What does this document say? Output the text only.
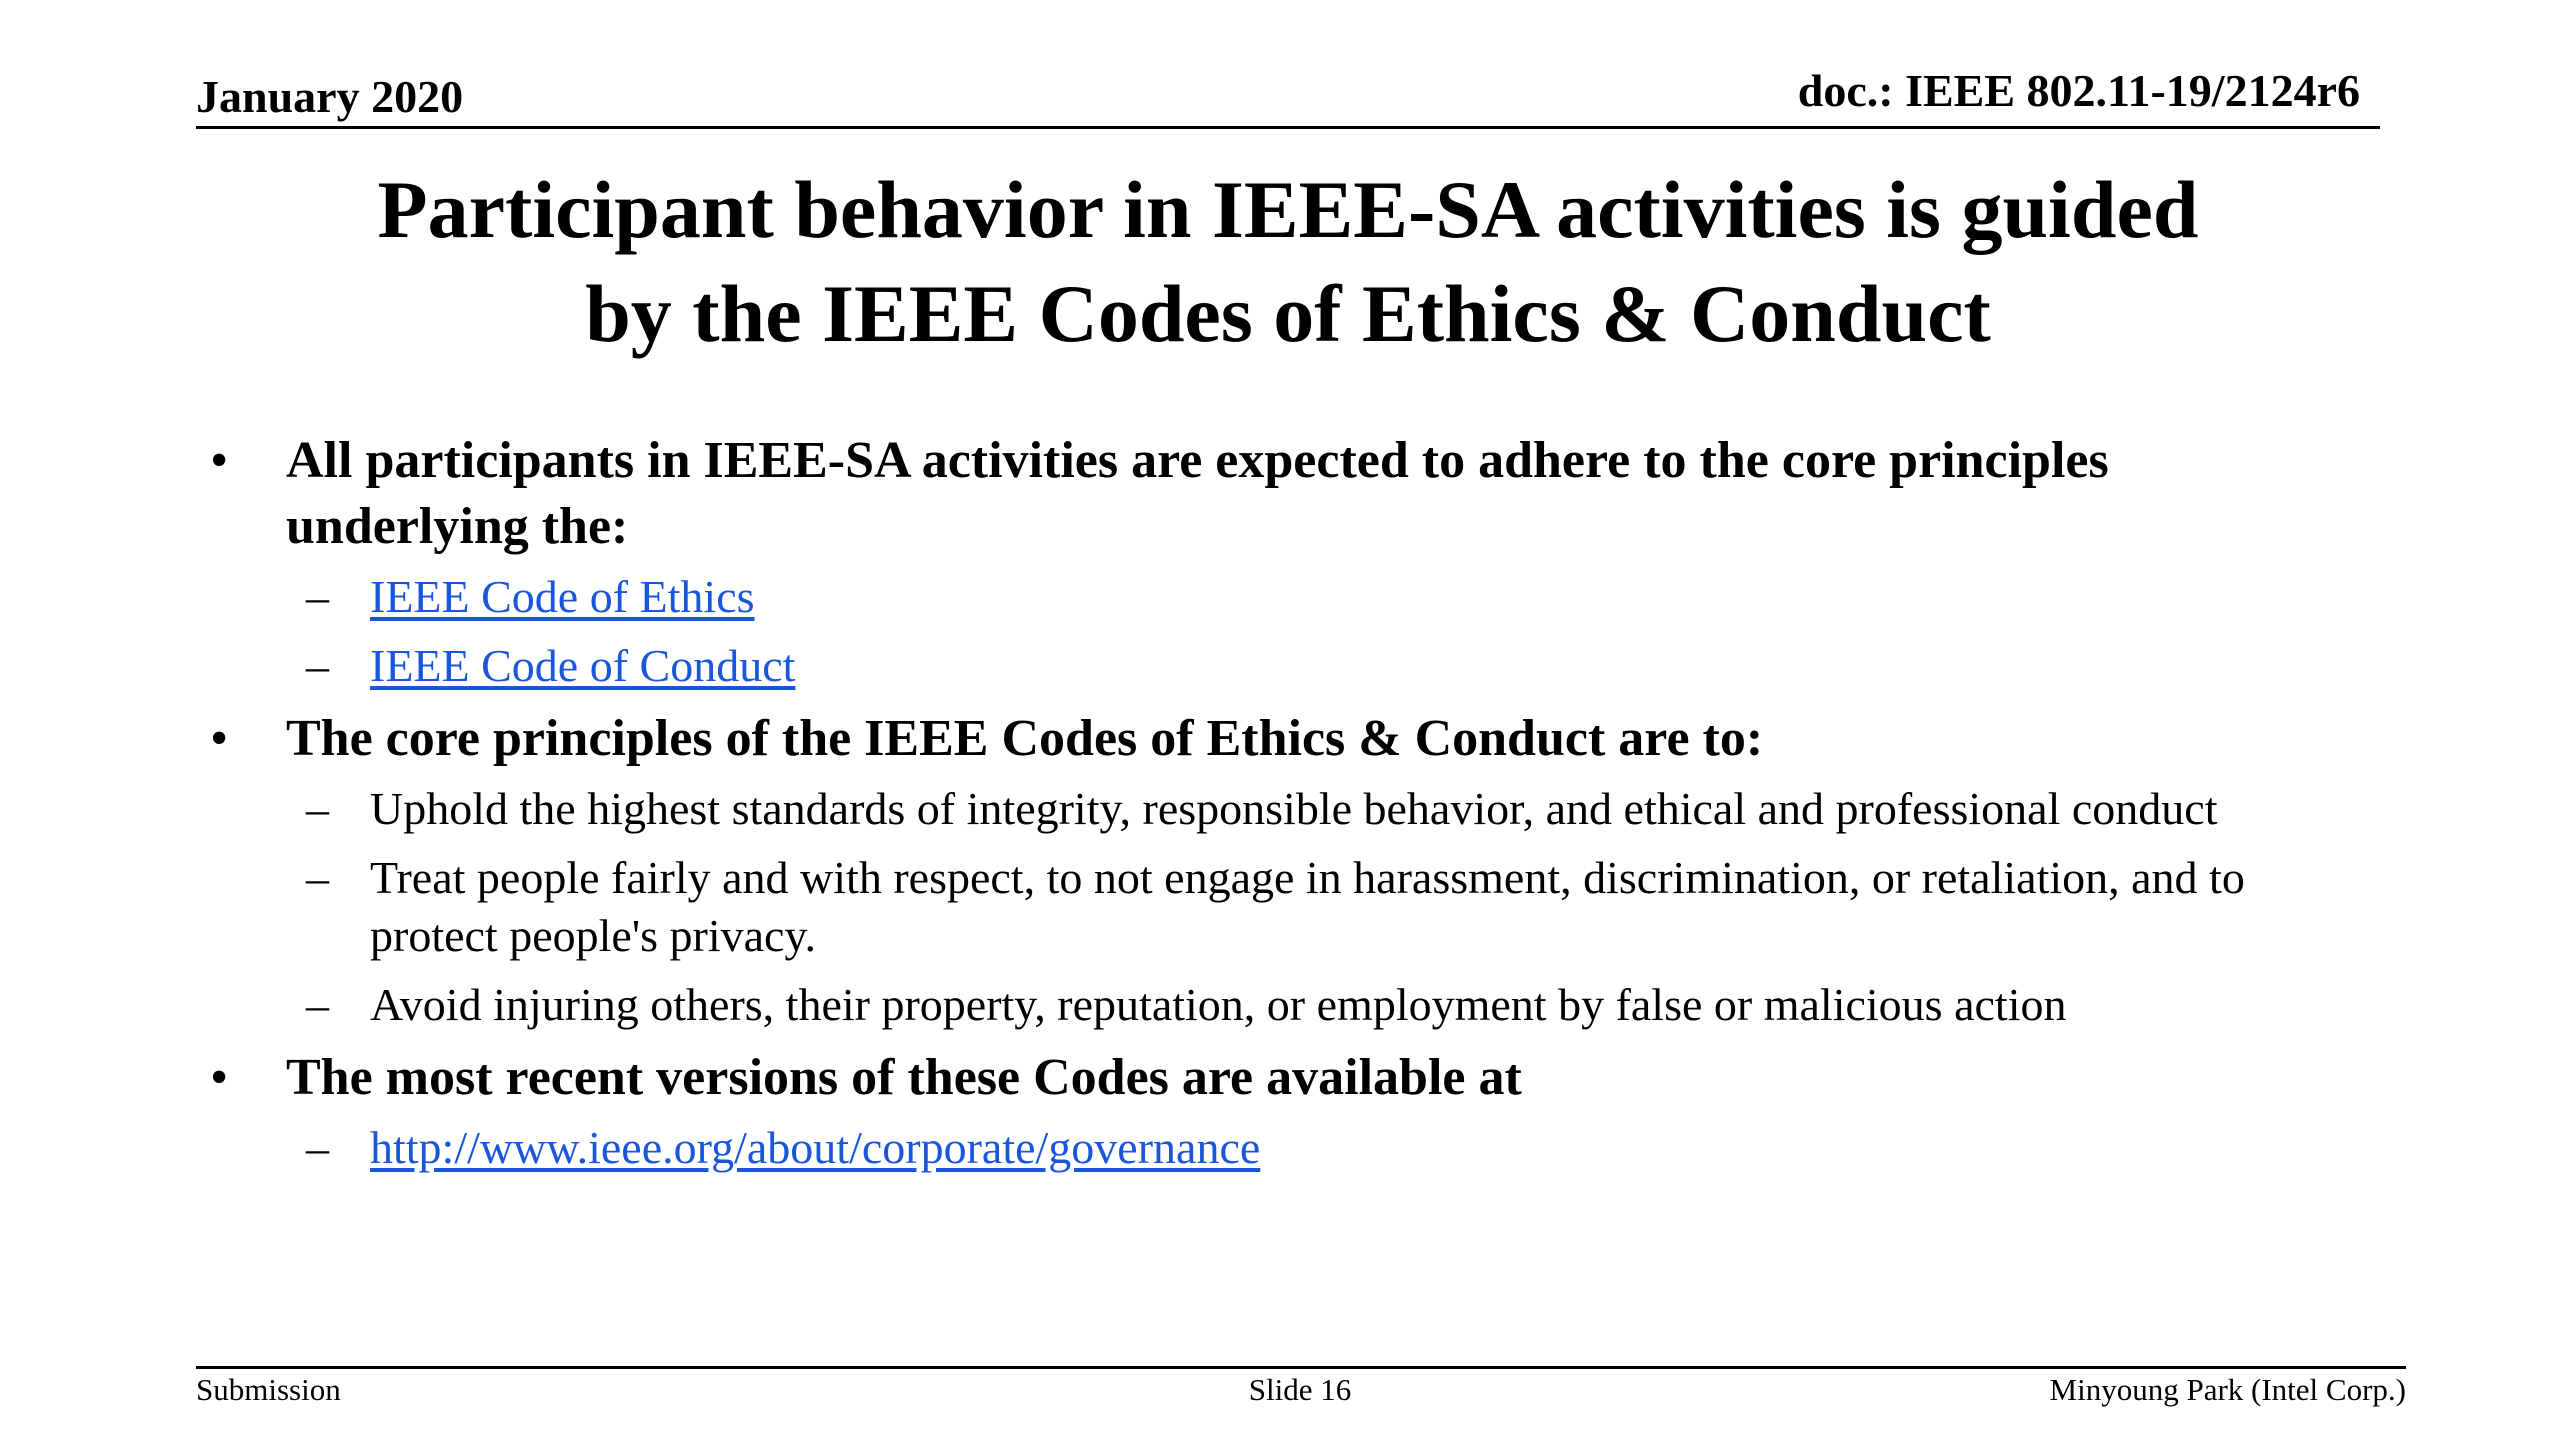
January 2020	doc.: IEEE 802.11-19/2124r6
Participant behavior in IEEE-SA activities is guided
by the IEEE Codes of Ethics & Conduct
• All participants in IEEE-SA activities are expected to adhere to the core principles
underlying the:
– IEEE Code of Ethics
– IEEE Code of Conduct
• The core principles of the IEEE Codes of Ethics & Conduct are to:
– Uphold the highest standards of integrity, responsible behavior, and ethical and professional conduct
– Treat people fairly and with respect, to not engage in harassment, discrimination, or retaliation, and to
protect people's privacy.
– Avoid injuring others, their property, reputation, or employment by false or malicious action
• The most recent versions of these Codes are available at
– http://www.ieee.org/about/corporate/governance
Submission	Slide 16	Minyoung Park (Intel Corp.)
